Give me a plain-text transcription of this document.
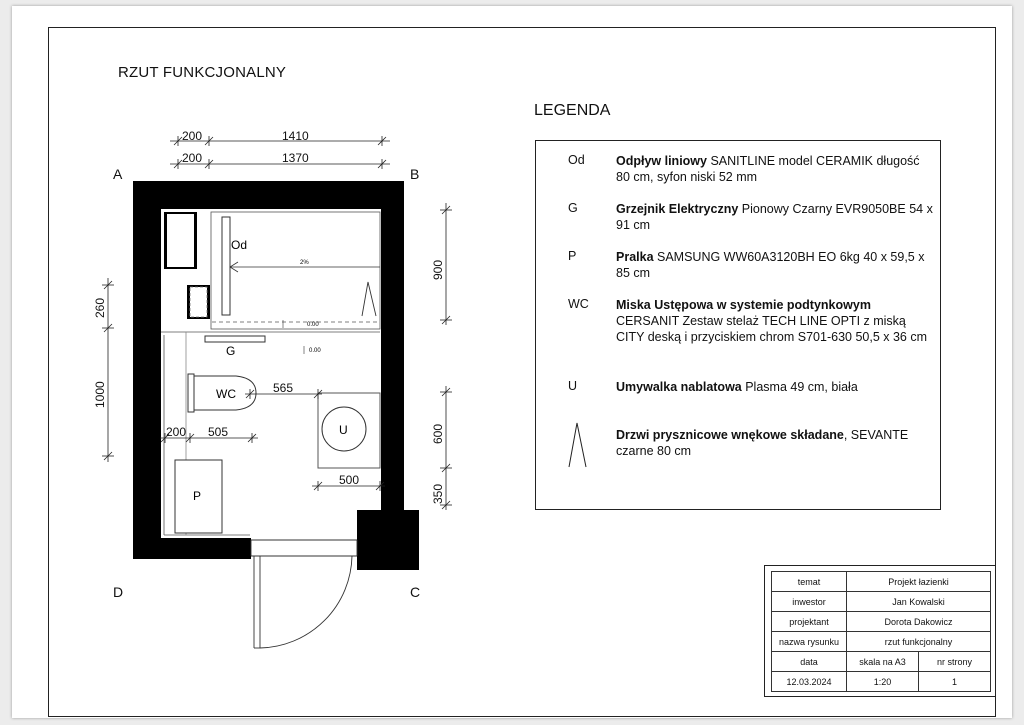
RZUT FUNKCJONALNY
Od
2%
0.00
0.00
G
WC
U
P
200	1410
200	1370
900
600
350
260
1000	565
200 505
500
A	B
C
D
LEGENDA
Od	Odpływ liniowy SANITLINE model CERAMIK długość 80 cm, syfon niski 52 mm
G	Grzejnik Elektryczny Pionowy Czarny EVR9050BE 54 x 91 cm
P	Pralka SAMSUNG WW60A3120BH EO 6kg 40 x 59,5 x 85 cm
WC Miska Ustępowa w systemie podtynkowym CERSANIT Zestaw stelaż TECH LINE OPTI z miską CITY deską i przyciskiem chrom S701-630 50,5 x 36 cm
U	Umywalka nablatowa Plasma 49 cm, biała
Drzwi prysznicowe wnękowe składane, SEVANTE czarne 80 cm
temat	Projekt łazienki	
inwestor	Jan Kowalski	
projektant	Dorota Dakowicz	
nazwa rysunku	rzut funkcjonalny	
data	skala na A3	nr strony
12.03.2024	1:20	1
